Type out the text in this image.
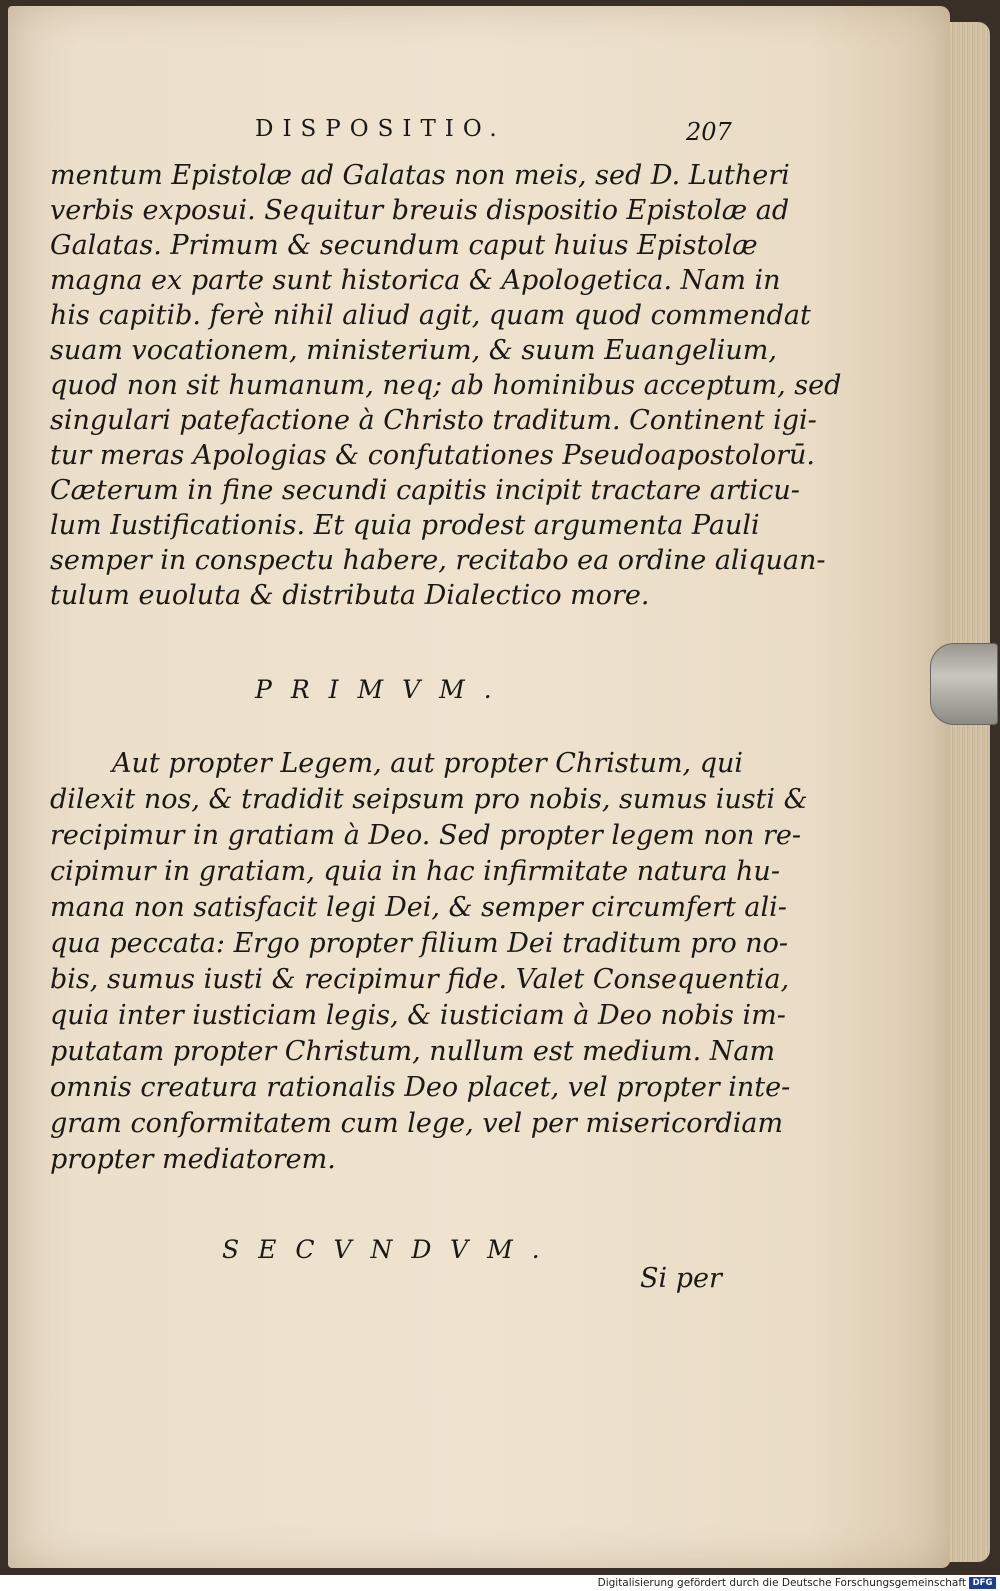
DISPOSITIO.	207
mentum Epistolæ ad Galatas non meis, sed D. Lutheri
verbis exposui. Sequitur breuis dispositio Epistolæ ad
Galatas. Primum & secundum caput huius Epistolæ
magna ex parte sunt historica & Apologetica. Nam in
his capitib. ferè nihil aliud agit, quam quod commendat
suam vocationem, ministerium, & suum Euangelium,
quod non sit humanum, neq; ab hominibus acceptum, sed
singulari patefactione à Christo traditum. Continent igi-
tur meras Apologias & confutationes Pseudoapostolorū.
Cæterum in fine secundi capitis incipit tractare articu-
lum Iustificationis. Et quia prodest argumenta Pauli
semper in conspectu habere, recitabo ea ordine aliquan-
tulum euoluta & distributa Dialectico more.
PRIMVM.
Aut propter Legem, aut propter Christum, qui
dilexit nos, & tradidit seipsum pro nobis, sumus iusti &
recipimur in gratiam à Deo. Sed propter legem non re-
cipimur in gratiam, quia in hac infirmitate natura hu-
mana non satisfacit legi Dei, & semper circumfert ali-
qua peccata: Ergo propter filium Dei traditum pro no-
bis, sumus iusti & recipimur fide. Valet Consequentia,
quia inter iusticiam legis, & iusticiam à Deo nobis im-
putatam propter Christum, nullum est medium. Nam
omnis creatura rationalis Deo placet, vel propter inte-
gram conformitatem cum lege, vel per misericordiam
propter mediatorem.
SECVNDVM.
Si per
Digitalisierung gefördert durch die Deutsche Forschungsgemeinschaft DFG
